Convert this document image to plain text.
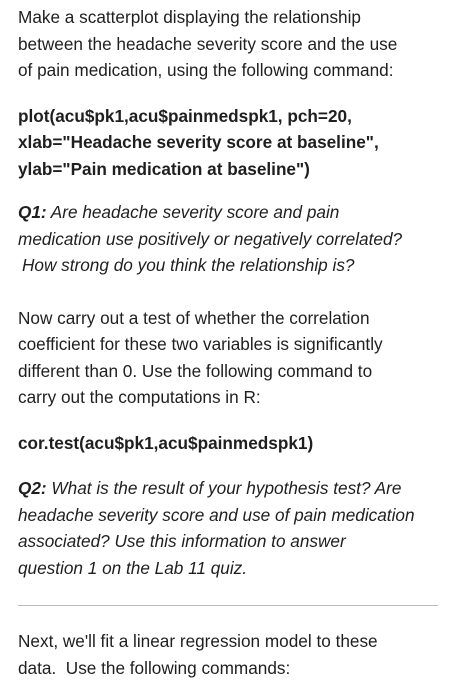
Make a scatterplot displaying the relationship
between the headache severity score and the use
of pain medication, using the following command:

plot(acu$pk1,acu$painmedspk1, pch=20,
xlab="Headache severity score at baseline",
ylab="Pain medication at baseline")

Q1: Are headache severity score and pain
medication use positively or negatively correlated?
How strong do you think the relationship is?

Now carry out a test of whether the correlation
coefficient for these two variables is significantly
different than 0. Use the following command to
carry out the computations in R:

cor.test(acu$pk1,acu$painmedspk1)

Q2: What is the result of your hypothesis test? Are
headache severity score and use of pain medication
associated? Use this information to answer
question 1 on the Lab 11 quiz.

Next, we'll fit a linear regression model to these
data.  Use the following commands:
